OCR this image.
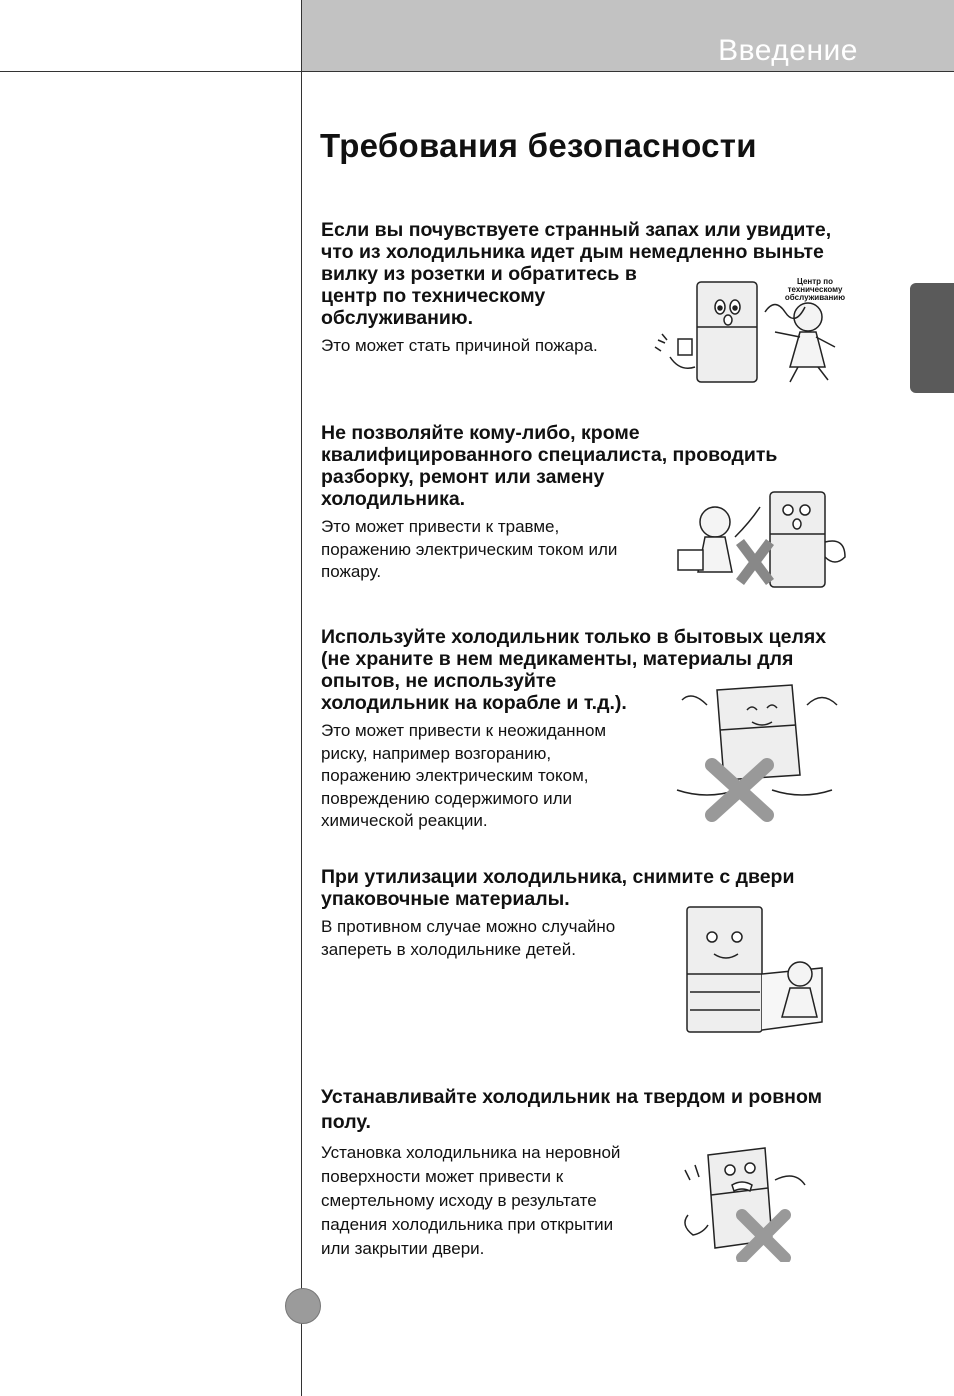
Введение
Требования безопасности

Если вы почувствуете странный запах или увидите,
что из холодильника идет дым немедленно выньте
вилку из розетки и обратитесь в
центр по техническому
обслуживанию.

Это может стать причиной пожара.

Центр по
техническому
обслуживанию

Не позволяйте кому-либо, кроме
квалифицированного специалиста, проводить
разборку, ремонт или замену
холодильника.

Это может привести к травме,
поражению электрическим током или
пожару.

Используйте холодильник только в бытовых целях
(не храните в нем медикаменты, материалы для
опытов, не используйте
холодильник на корабле и т.д.).

Это может привести к неожиданном
риску, например возгоранию,
поражению электрическим током,
повреждению содержимого или
химической реакции.

При утилизации холодильника, снимите с двери
упаковочные материалы.

В противном случае можно случайно
запереть в холодильнике детей.

Устанавливайте холодильник на твердом и ровном
полу.

Установка холодильника на неровной
поверхности может привести к
смертельному исходу в результате
падения холодильника при открытии
или закрытии двери.
